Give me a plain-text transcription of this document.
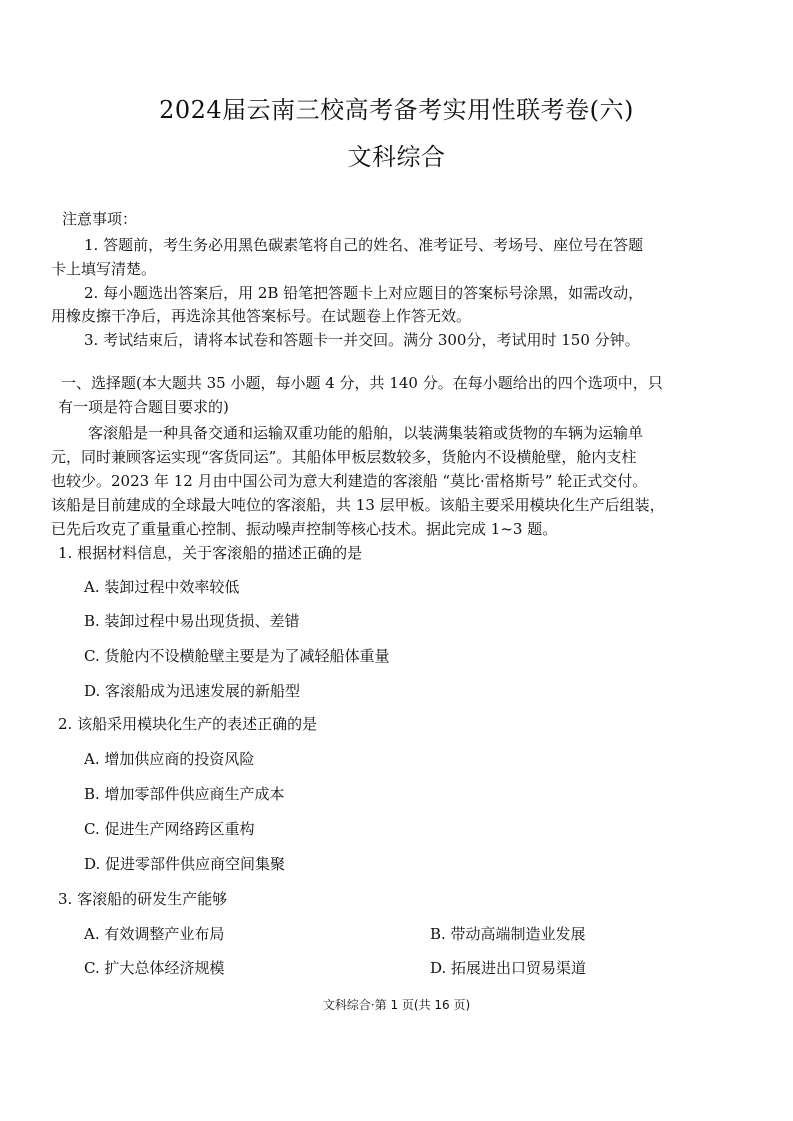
2024届云南三校高考备考实用性联考卷(六)
文科综合
注意事项：
1. 答题前，考生务必用黑色碳素笔将自己的姓名、准考证号、考场号、座位号在答题
卡上填写清楚。
2. 每小题选出答案后，用 2B 铅笔把答题卡上对应题目的答案标号涂黑，如需改动，
用橡皮擦干净后，再选涂其他答案标号。在试题卷上作答无效。
3. 考试结束后，请将本试卷和答题卡一并交回。满分 300分，考试用时 150 分钟。
一、选择题(本大题共 35 小题，每小题 4 分，共 140 分。在每小题给出的四个选项中，只
有一项是符合题目要求的)
客滚船是一种具备交通和运输双重功能的船舶，以装满集装箱或货物的车辆为运输单
元，同时兼顾客运实现“客货同运”。其船体甲板层数较多，货舱内不设横舱壁，舱内支柱
也较少。2023 年 12 月由中国公司为意大利建造的客滚船 “莫比·雷格斯号” 轮正式交付。
该船是目前建成的全球最大吨位的客滚船，共 13 层甲板。该船主要采用模块化生产后组装，
已先后攻克了重量重心控制、振动噪声控制等核心技术。据此完成 1~3 题。
1. 根据材料信息，关于客滚船的描述正确的是
A. 装卸过程中效率较低
B. 装卸过程中易出现货损、差错
C. 货舱内不设横舱壁主要是为了减轻船体重量
D. 客滚船成为迅速发展的新船型
2. 该船采用模块化生产的表述正确的是
A. 增加供应商的投资风险
B. 增加零部件供应商生产成本
C. 促进生产网络跨区重构
D. 促进零部件供应商空间集聚
3. 客滚船的研发生产能够
A. 有效调整产业布局	B. 带动高端制造业发展
C. 扩大总体经济规模	D. 拓展进出口贸易渠道
文科综合·第 1 页(共 16 页)
